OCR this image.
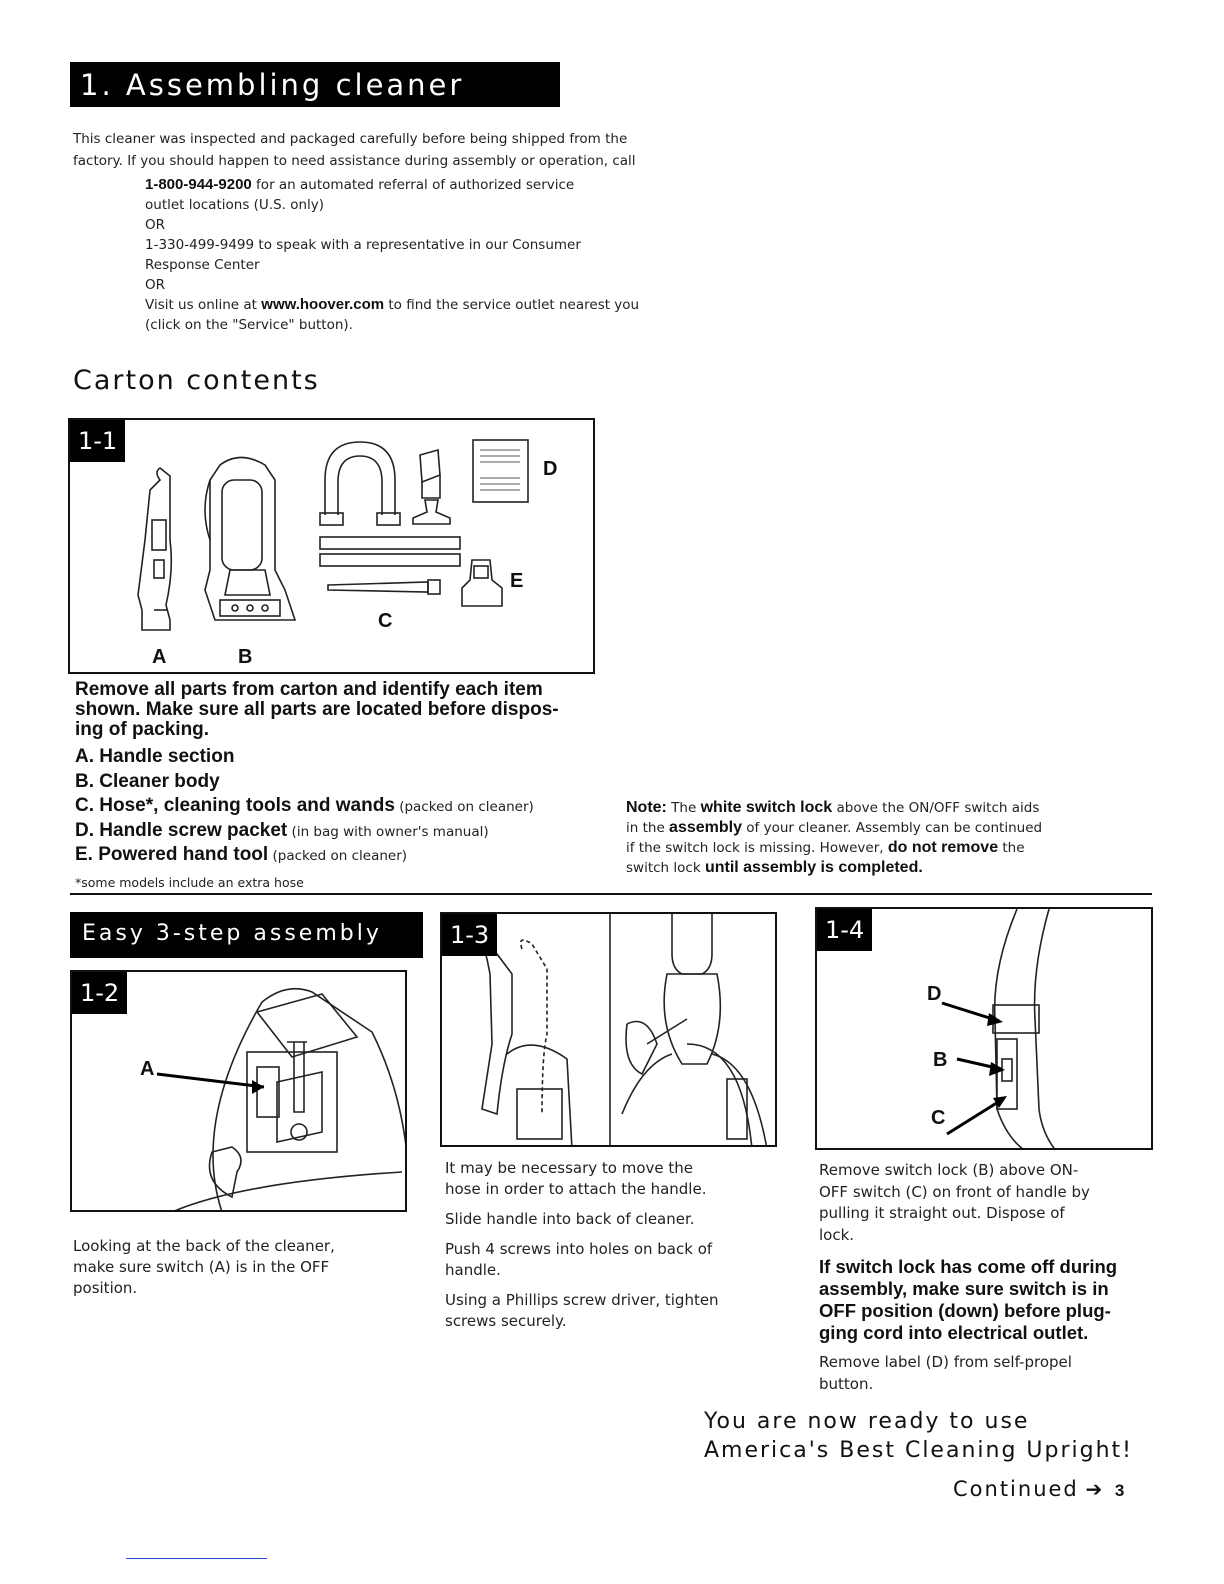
1. Assembling cleaner
This cleaner was inspected and packaged carefully before being shipped from the
factory. If you should happen to need assistance during assembly or operation, call
1-800-944-9200 for an automated referral of authorized service
outlet locations (U.S. only)
OR
1-330-499-9499 to speak with a representative in our Consumer
Response Center
OR
Visit us online at www.hoover.com to find the service outlet nearest you
(click on the "Service" button).
Carton contents
1-1
A	B
C
D
E
Remove all parts from carton and identify each item
shown. Make sure all parts are located before dispos-
ing of packing.
A. Handle section
B. Cleaner body
C. Hose*, cleaning tools and wands (packed on cleaner)
D. Handle screw packet (in bag with owner's manual)
E. Powered hand tool (packed on cleaner)
*some models include an extra hose
Note: The white switch lock above the ON/OFF switch aids
in the assembly of your cleaner. Assembly can be continued
if the switch lock is missing. However, do not remove the
switch lock until assembly is completed.
Easy 3-step assembly
1-2
A
Looking at the back of the cleaner,
make sure switch (A) is in the OFF
position.
1-3
It may be necessary to move the
hose in order to attach the handle.
Slide handle into back of cleaner.
Push 4 screws into holes on back of
handle.
Using a Phillips screw driver, tighten
screws securely.
1-4
D
B
C
Remove switch lock (B) above ON-
OFF switch (C) on front of handle by
pulling it straight out. Dispose of
lock.
If switch lock has come off during
assembly, make sure switch is in
OFF position (down) before plug-
ging cord into electrical outlet.
Remove label (D) from self-propel
button.
You are now ready to use
America's Best Cleaning Upright!
Continued ➔ 3
